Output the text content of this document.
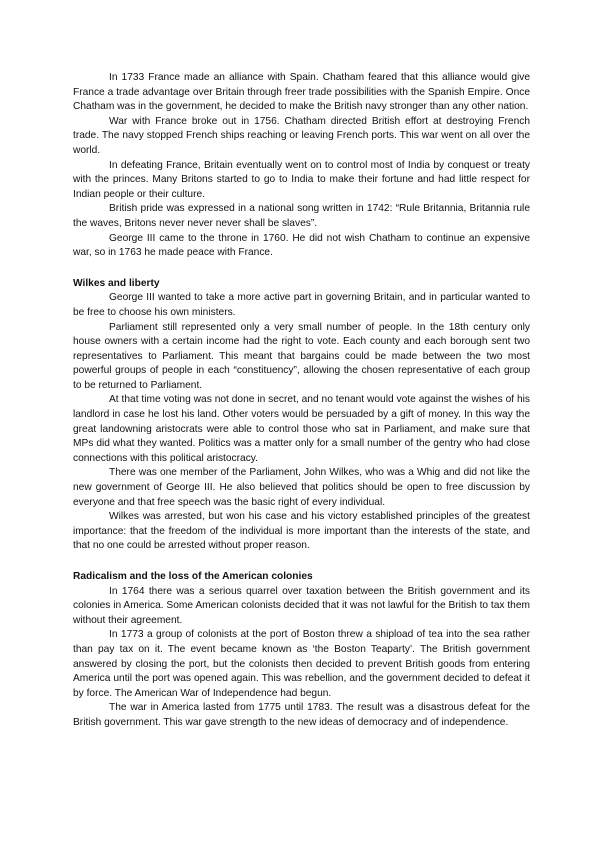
In 1733 France made an alliance with Spain. Chatham feared that this alliance would give France a trade advantage over Britain through freer trade possibilities with the Spanish Empire. Once Chatham was in the government, he decided to make the British navy stronger than any other nation.

War with France broke out in 1756. Chatham directed British effort at destroying French trade. The navy stopped French ships reaching or leaving French ports. This war went on all over the world.

In defeating France, Britain eventually went on to control most of India by conquest or treaty with the princes. Many Britons started to go to India to make their fortune and had little respect for Indian people or their culture.

British pride was expressed in a national song written in 1742: “Rule Britannia, Britannia rule the waves, Britons never never never shall be slaves”.

George III came to the throne in 1760. He did not wish Chatham to continue an expensive war, so in 1763 he made peace with France.

Wilkes and liberty

George III wanted to take a more active part in governing Britain, and in particular wanted to be free to choose his own ministers.

Parliament still represented only a very small number of people. In the 18th century only house owners with a certain income had the right to vote. Each county and each borough sent two representatives to Parliament. This meant that bargains could be made between the two most powerful groups of people in each “constituency”, allowing the chosen representative of each group to be returned to Parliament.

At that time voting was not done in secret, and no tenant would vote against the wishes of his landlord in case he lost his land. Other voters would be persuaded by a gift of money. In this way the great landowning aristocrats were able to control those who sat in Parliament, and make sure that MPs did what they wanted. Politics was a matter only for a small number of the gentry who had close connections with this political aristocracy.

There was one member of the Parliament, John Wilkes, who was a Whig and did not like the new government of George III. He also believed that politics should be open to free discussion by everyone and that free speech was the basic right of every individual.

Wilkes was arrested, but won his case and his victory established principles of the greatest importance: that the freedom of the individual is more important than the interests of the state, and that no one could be arrested without proper reason.

Radicalism and the loss of the American colonies

In 1764 there was a serious quarrel over taxation between the British government and its colonies in America. Some American colonists decided that it was not lawful for the British to tax them without their agreement.

In 1773 a group of colonists at the port of Boston threw a shipload of tea into the sea rather than pay tax on it. The event became known as ‘the Boston Teaparty’. The British government answered by closing the port, but the colonists then decided to prevent British goods from entering America until the port was opened again. This was rebellion, and the government decided to defeat it by force. The American War of Independence had begun.

The war in America lasted from 1775 until 1783. The result was a disastrous defeat for the British government. This war gave strength to the new ideas of democracy and of independence.
